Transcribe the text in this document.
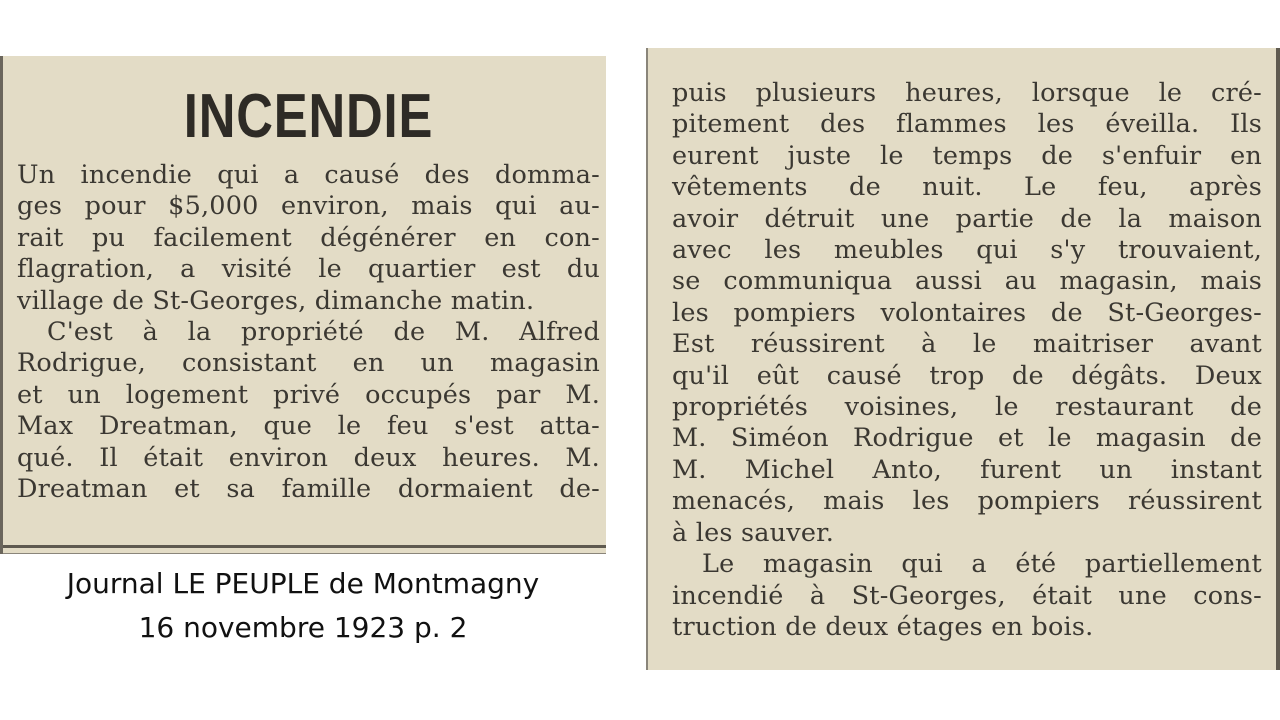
INCENDIE
Un incendie qui a causé des domma-
ges pour $5,000 environ, mais qui au-
rait pu facilement dégénérer en con-
flagration, a visité le quartier est du
village de St-Georges, dimanche matin.
C'est à la propriété de M. Alfred
Rodrigue, consistant en un magasin
et un logement privé occupés par M.
Max Dreatman, que le feu s'est atta-
qué. Il était environ deux heures. M.
Dreatman et sa famille dormaient de-
puis plusieurs heures, lorsque le cré-
pitement des flammes les éveilla. Ils
eurent juste le temps de s'enfuir en
vêtements de nuit. Le feu, après
avoir détruit une partie de la maison
avec les meubles qui s'y trouvaient,
se communiqua aussi au magasin, mais
les pompiers volontaires de St-Georges-
Est réussirent à le maitriser avant
qu'il eût causé trop de dégâts. Deux
propriétés voisines, le restaurant de
M. Siméon Rodrigue et le magasin de
M. Michel Anto, furent un instant
menacés, mais les pompiers réussirent
à les sauver.
Le magasin qui a été partiellement
incendié à St-Georges, était une cons-
truction de deux étages en bois.
Journal LE PEUPLE de Montmagny
16 novembre 1923 p. 2
